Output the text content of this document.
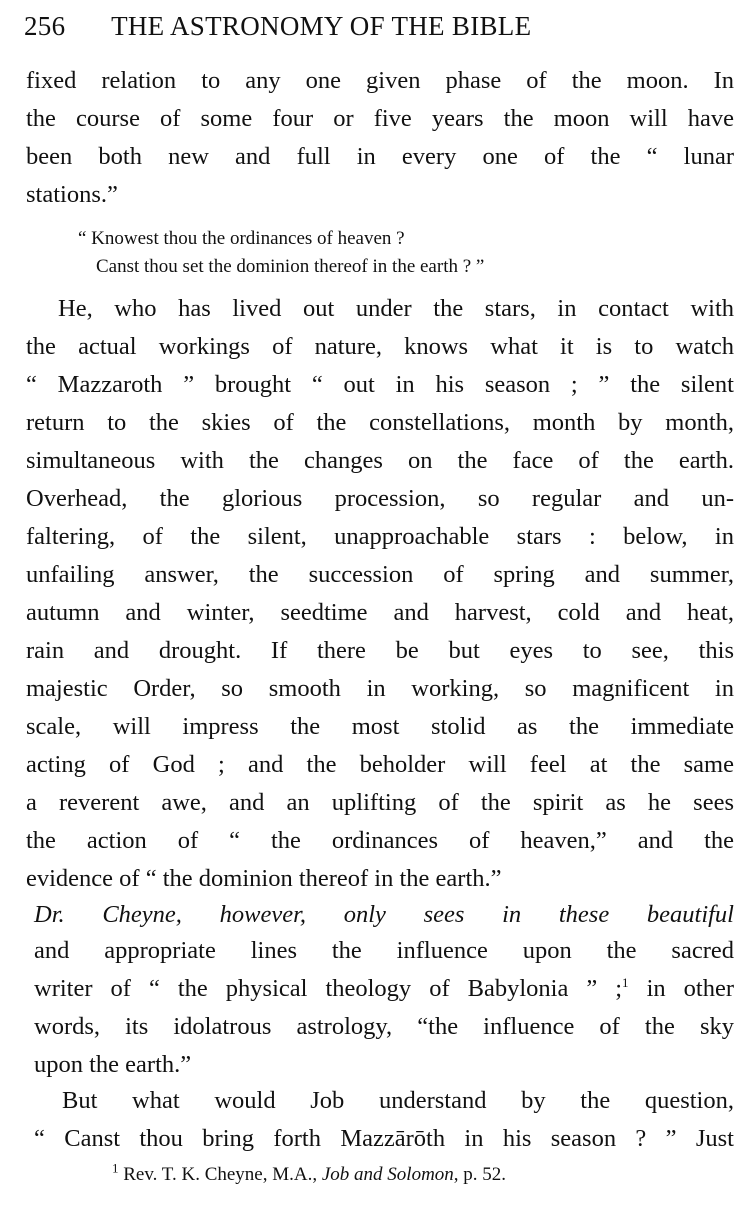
256 THE ASTRONOMY OF THE BIBLE
fixed relation to any one given phase of the moon. In
the course of some four or five years the moon will have
been both new and full in every one of the “ lunar
stations.”
“ Knowest thou the ordinances of heaven ?
Canst thou set the dominion thereof in the earth ? ”
He, who has lived out under the stars, in contact with
the actual workings of nature, knows what it is to watch
“ Mazzaroth ” brought “ out in his season ; ” the silent
return to the skies of the constellations, month by month,
simultaneous with the changes on the face of the earth.
Overhead, the glorious procession, so regular and un-
faltering, of the silent, unapproachable stars : below, in
unfailing answer, the succession of spring and summer,
autumn and winter, seedtime and harvest, cold and heat,
rain and drought. If there be but eyes to see, this
majestic Order, so smooth in working, so magnificent in
scale, will impress the most stolid as the immediate
acting of God ; and the beholder will feel at the same
a reverent awe, and an uplifting of the spirit as he sees
the action of “ the ordinances of heaven,” and the
evidence of “ the dominion thereof in the earth.”
Dr. Cheyne, however, only sees in these beautiful
and appropriate lines the influence upon the sacred
writer of “ the physical theology of Babylonia ” ;$^1$ in other
words, its idolatrous astrology, “the influence of the sky
upon the earth.”
But what would Job understand by the question,
“ Canst thou bring forth Mazzārōth in his season ? ” Just
$^1$ Rev. T. K. Cheyne, M.A., Job and Solomon, p. 52.
